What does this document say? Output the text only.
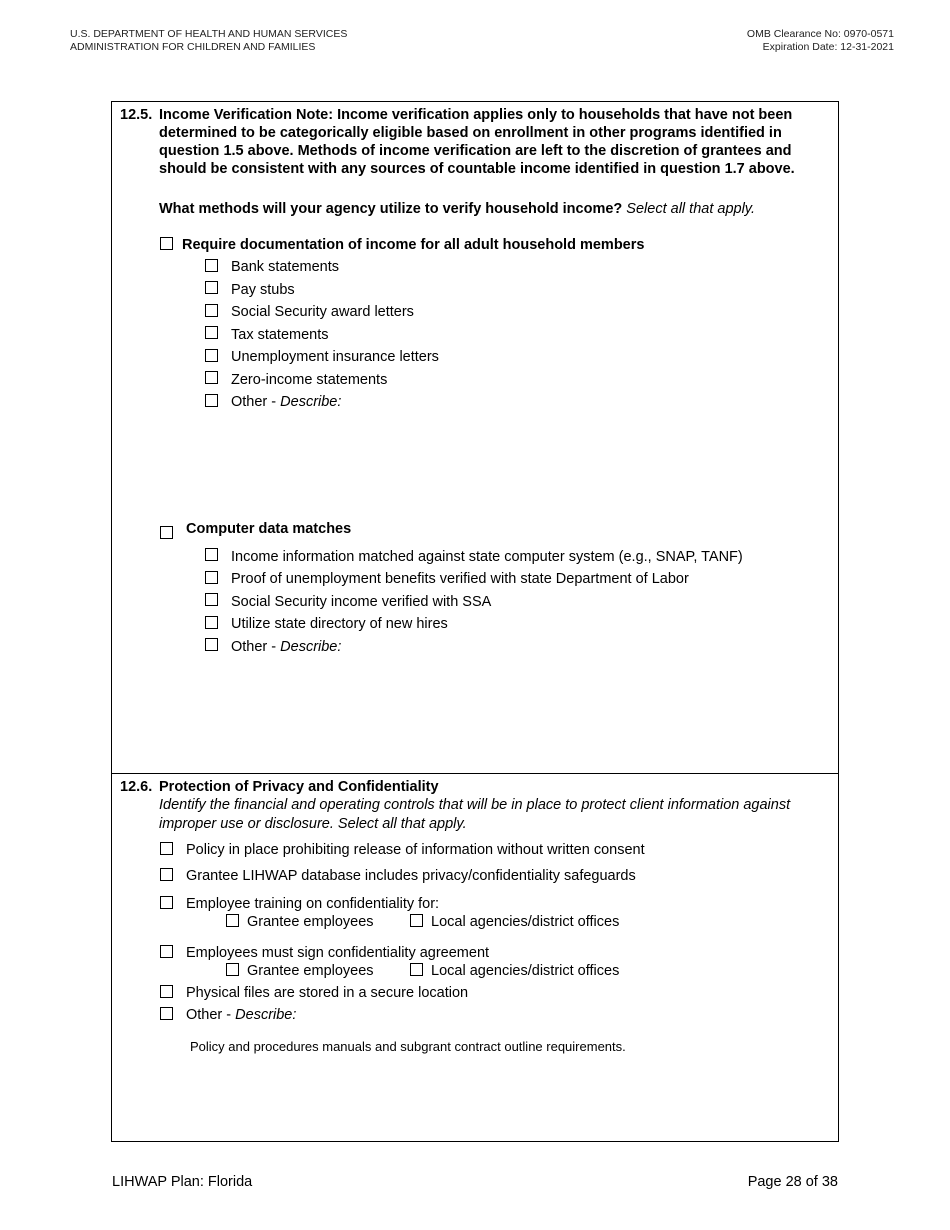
U.S. DEPARTMENT OF HEALTH AND HUMAN SERVICES
ADMINISTRATION FOR CHILDREN AND FAMILIES
OMB Clearance No: 0970-0571
Expiration Date: 12-31-2021
12.5. Income Verification Note: Income verification applies only to households that have not been determined to be categorically eligible based on enrollment in other programs identified in question 1.5 above. Methods of income verification are left to the discretion of grantees and should be consistent with any sources of countable income identified in question 1.7 above.
What methods will your agency utilize to verify household income? Select all that apply.
Require documentation of income for all adult household members
Bank statements
Pay stubs
Social Security award letters
Tax statements
Unemployment insurance letters
Zero-income statements
Other - Describe:
Computer data matches
Income information matched against state computer system (e.g., SNAP, TANF)
Proof of unemployment benefits verified with state Department of Labor
Social Security income verified with SSA
Utilize state directory of new hires
Other - Describe:
12.6. Protection of Privacy and Confidentiality
Identify the financial and operating controls that will be in place to protect client information against improper use or disclosure. Select all that apply.
Policy in place prohibiting release of information without written consent
Grantee LIHWAP database includes privacy/confidentiality safeguards
Employee training on confidentiality for:
Grantee employees	Local agencies/district offices
Employees must sign confidentiality agreement
Grantee employees	Local agencies/district offices
Physical files are stored in a secure location
Other - Describe:
Policy and procedures manuals and subgrant contract outline requirements.
LIHWAP Plan: Florida	Page 28 of 38
